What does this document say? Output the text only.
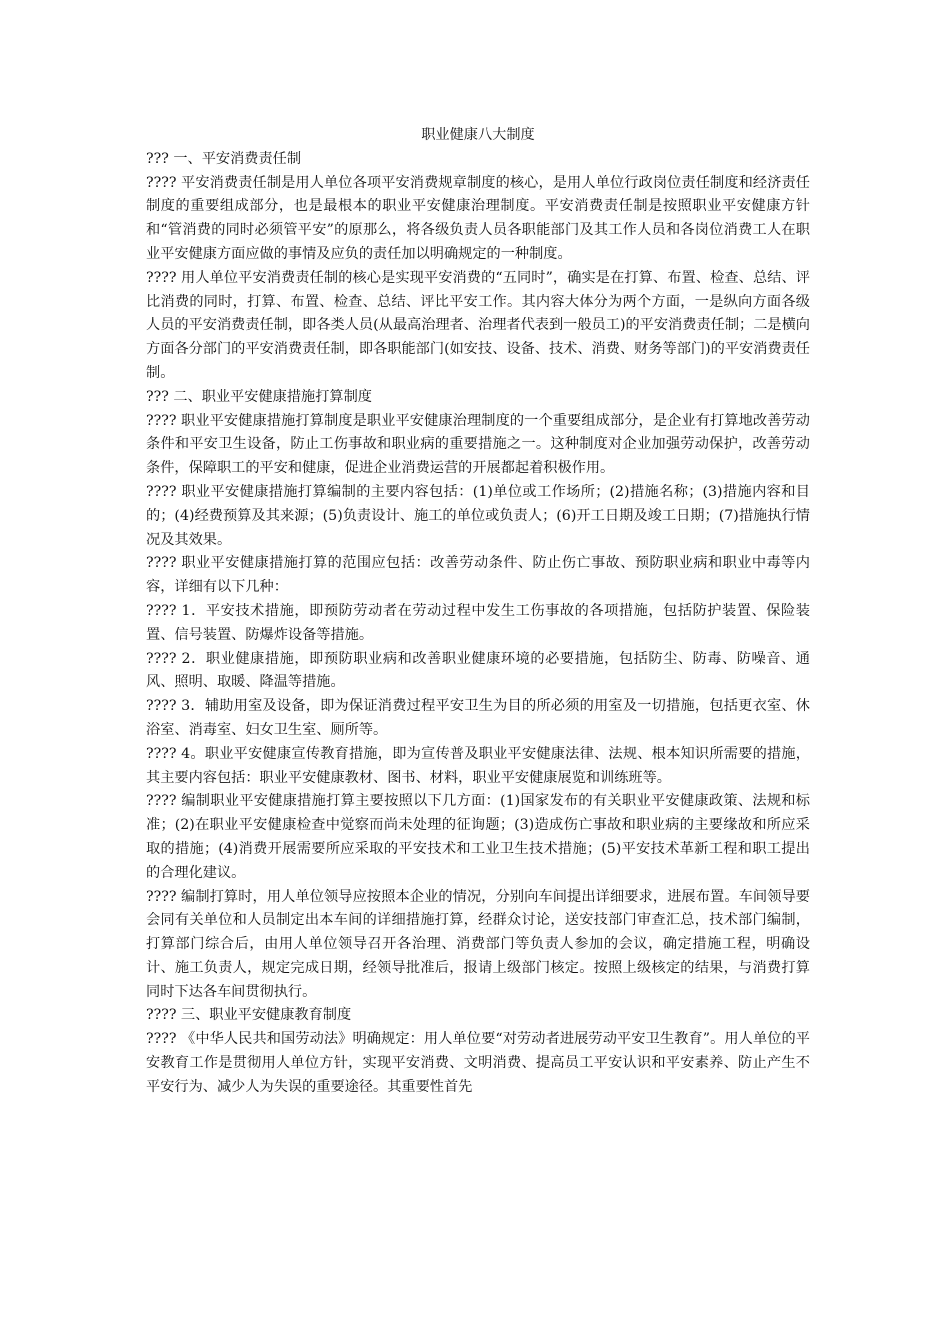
职业健康八大制度

??? 一、平安消费责任制

???? 平安消费责任制是用人单位各项平安消费规章制度的核心，是用人单位行政岗位责任制度和经济责任制度的重要组成部分，也是最根本的职业平安健康治理制度。平安消费责任制是按照职业平安健康方针和“管消费的同时必须管平安”的原那么，将各级负责人员各职能部门及其工作人员和各岗位消费工人在职业平安健康方面应做的事情及应负的责任加以明确规定的一种制度。

???? 用人单位平安消费责任制的核心是实现平安消费的“五同时”，确实是在打算、布置、检查、总结、评比消费的同时，打算、布置、检查、总结、评比平安工作。其内容大体分为两个方面，一是纵向方面各级人员的平安消费责任制，即各类人员(从最高治理者、治理者代表到一般员工)的平安消费责任制；二是横向方面各分部门的平安消费责任制，即各职能部门(如安技、设备、技术、消费、财务等部门)的平安消费责任制。

??? 二、职业平安健康措施打算制度

???? 职业平安健康措施打算制度是职业平安健康治理制度的一个重要组成部分，是企业有打算地改善劳动条件和平安卫生设备，防止工伤事故和职业病的重要措施之一。这种制度对企业加强劳动保护，改善劳动条件，保障职工的平安和健康，促进企业消费运营的开展都起着积极作用。

???? 职业平安健康措施打算编制的主要内容包括：(1)单位或工作场所；(2)措施名称；(3)措施内容和目的；(4)经费预算及其来源；(5)负责设计、施工的单位或负责人；(6)开工日期及竣工日期；(7)措施执行情况及其效果。

???? 职业平安健康措施打算的范围应包括：改善劳动条件、防止伤亡事故、预防职业病和职业中毒等内容，详细有以下几种：

???? 1．平安技术措施，即预防劳动者在劳动过程中发生工伤事故的各项措施，包括防护装置、保险装置、信号装置、防爆炸设备等措施。

???? 2．职业健康措施，即预防职业病和改善职业健康环境的必要措施，包括防尘、防毒、防噪音、通风、照明、取暖、降温等措施。

???? 3．辅助用室及设备，即为保证消费过程平安卫生为目的所必须的用室及一切措施，包括更衣室、休浴室、消毒室、妇女卫生室、厕所等。

???? 4。职业平安健康宣传教育措施，即为宣传普及职业平安健康法律、法规、根本知识所需要的措施，其主要内容包括：职业平安健康教材、图书、材料，职业平安健康展览和训练班等。

???? 编制职业平安健康措施打算主要按照以下几方面：(1)国家发布的有关职业平安健康政策、法规和标准；(2)在职业平安健康检查中觉察而尚未处理的征询题；(3)造成伤亡事故和职业病的主要缘故和所应采取的措施；(4)消费开展需要所应采取的平安技术和工业卫生技术措施；(5)平安技术革新工程和职工提出的合理化建议。

???? 编制打算时，用人单位领导应按照本企业的情况，分别向车间提出详细要求，进展布置。车间领导要会同有关单位和人员制定出本车间的详细措施打算，经群众讨论，送安技部门审查汇总，技术部门编制，打算部门综合后，由用人单位领导召开各治理、消费部门等负责人参加的会议，确定措施工程，明确设计、施工负责人，规定完成日期，经领导批准后，报请上级部门核定。按照上级核定的结果，与消费打算同时下达各车间贯彻执行。

???? 三、职业平安健康教育制度

???? 《中华人民共和国劳动法》明确规定：用人单位要“对劳动者进展劳动平安卫生教育”。用人单位的平安教育工作是贯彻用人单位方针，实现平安消费、文明消费、提高员工平安认识和平安素养、防止产生不平安行为、减少人为失误的重要途径。其重要性首先
